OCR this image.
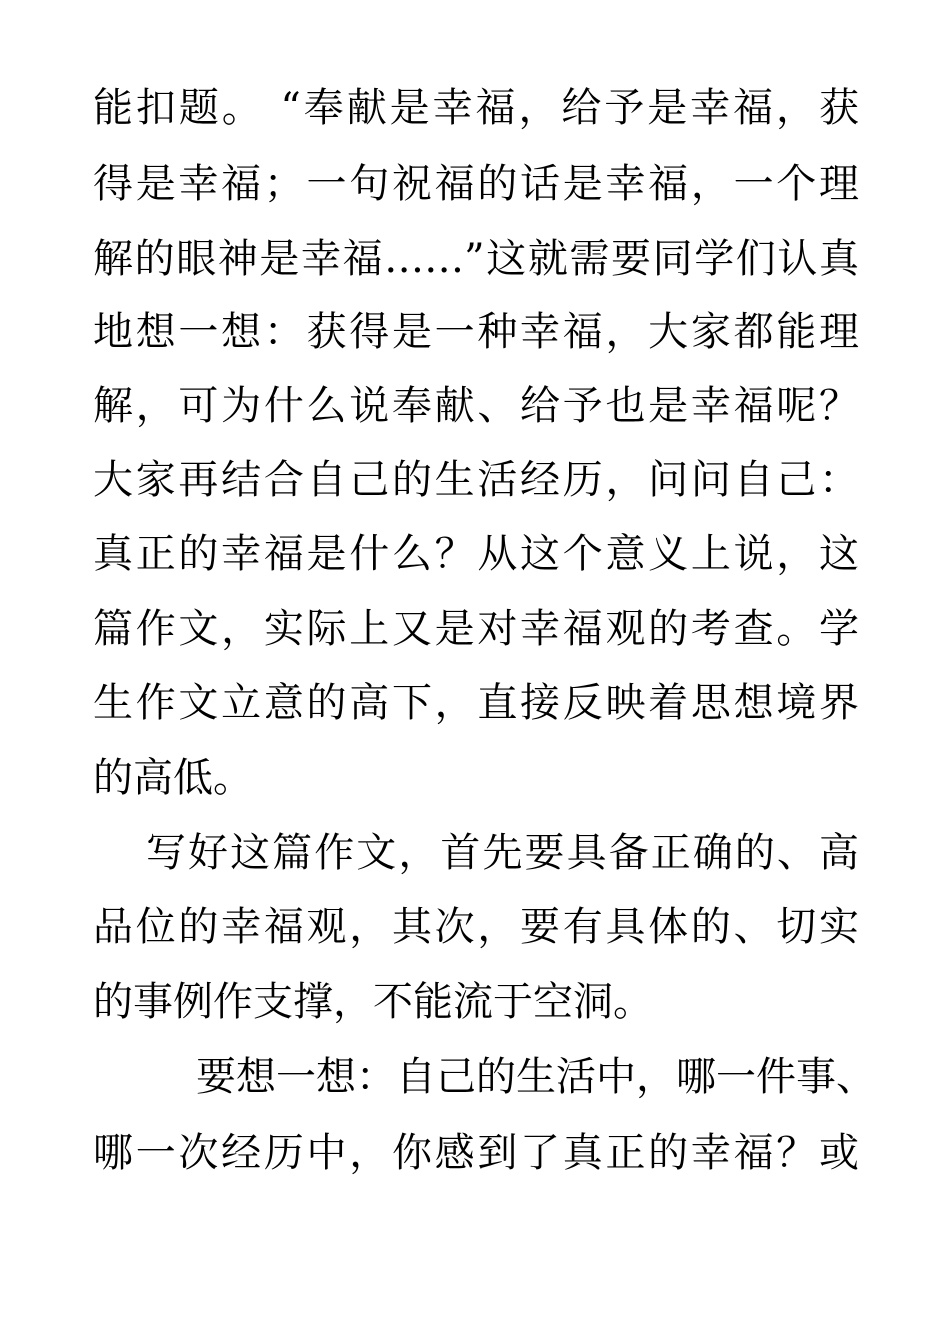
能扣题。 “奉献是幸福，给予是幸福，获
得是幸福；一句祝福的话是幸福，一个理
解的眼神是幸福……”这就需要同学们认真
地想一想：获得是一种幸福，大家都能理
解，可为什么说奉献、给予也是幸福呢？
大家再结合自己的生活经历，问问自己：
真正的幸福是什么？从这个意义上说，这
篇作文，实际上又是对幸福观的考查。学
生作文立意的高下，直接反映着思想境界
的高低。
写好这篇作文，首先要具备正确的、高
品位的幸福观，其次，要有具体的、切实
的事例作支撑，不能流于空洞。
要想一想：自己的生活中，哪一件事、
哪一次经历中，你感到了真正的幸福？或
